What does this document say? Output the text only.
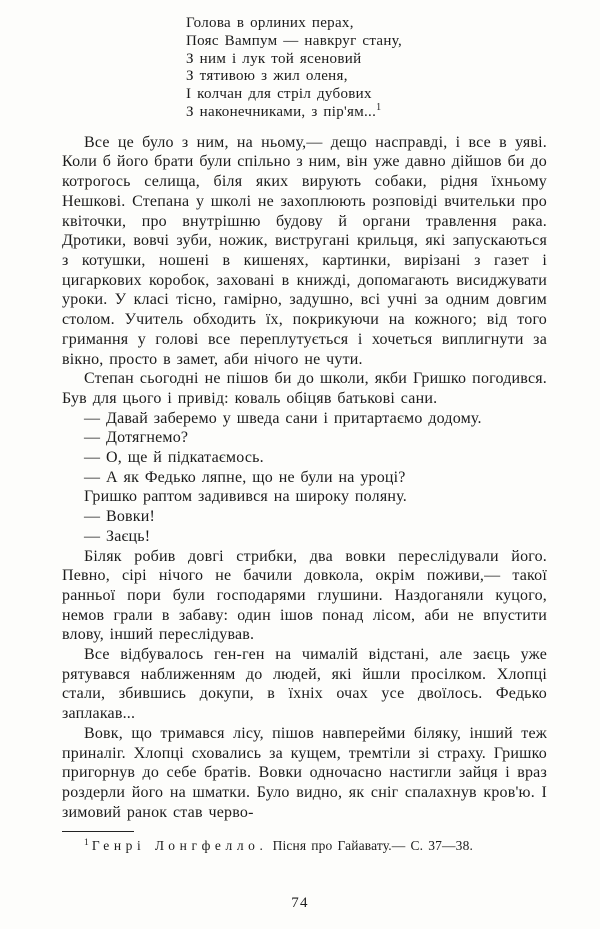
Голова в орлиних перах,
Пояс Вампум — навкруг стану,
З ним і лук той ясеновий
З тятивою з жил оленя,
І колчан для стріл дубових
З наконечниками, з пір'ям...$^1$

Все це було з ним, на ньому,— дещо насправді, і все в уяві. Коли б його брати були спільно з ним, він уже давно дійшов би до котрогось селища, біля яких вирують собаки, рідня їхньому Нешкові. Степана у школі не захоплюють розповіді вчительки про квіточки, про внутрішню будову й органи травлення рака. Дротики, вовчі зуби, ножик, вистругані крильця, які запускаються з котушки, ношені в кишенях, картинки, вирізані з газет і цигаркових коробок, заховані в книжді, допомагають висиджувати уроки. У класі тісно, гамірно, задушно, всі учні за одним довгим столом. Учитель обходить їх, покрикуючи на кожного; від того гримання у голові все переплутується і хочеться виплигнути за вікно, просто в замет, аби нічого не чути.

Степан сьогодні не пішов би до школи, якби Гришко погодився. Був для цього і привід: коваль обіцяв батькові сани.

— Давай заберемо у шведа сани і притартаємо додому.

— Дотягнемо?

— О, ще й підкатаємось.

— А як Федько ляпне, що не були на уроці?

Гришко раптом задивився на широку поляну.

— Вовки!

— Заєць!

Біляк робив довгі стрибки, два вовки переслідували його. Певно, сірі нічого не бачили довкола, окрім поживи,— такої ранньої пори були господарями глушини. Наздоганяли куцого, немов грали в забаву: один ішов понад лісом, аби не впустити влову, інший переслідував.

Все відбувалось ген-ген на чималій відстані, але заєць уже рятувався наближенням до людей, які йшли просілком. Хлопці стали, збившись докупи, в їхніх очах усе двоїлось. Федько заплакав...

Вовк, що тримався лісу, пішов навперейми біляку, інший теж приналіг. Хлопці сховались за кущем, тремтіли зі страху. Гришко пригорнув до себе братів. Вовки одночасно настигли зайця і враз роздерли його на шматки. Було видно, як сніг спалахнув кров'ю. І зимовий ранок став черво-

$^1$ Генрі Лонгфелло. Пісня про Гайавату.— С. 37—38.

74
